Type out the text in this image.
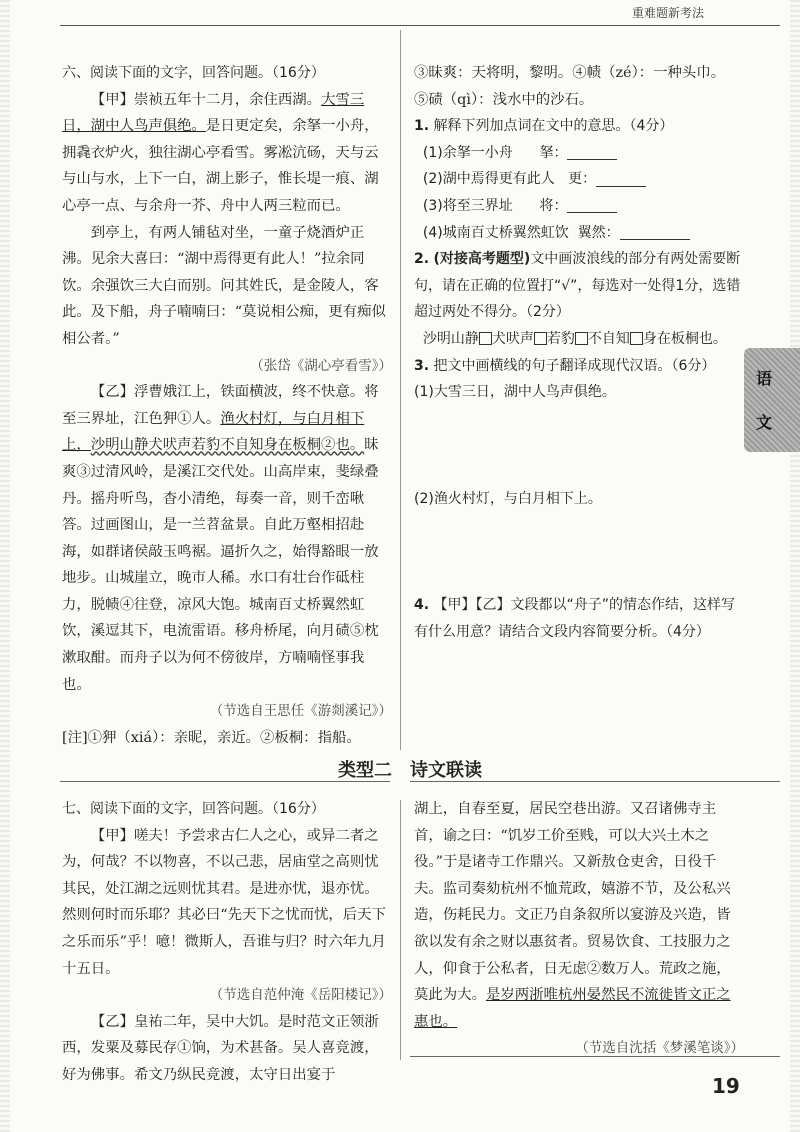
重难题新考法

六、阅读下面的文字，回答问题。（16分）

【甲】崇祯五年十二月，余住西湖。大雪三日，湖中人鸟声俱绝。是日更定矣，余拏一小舟，拥毳衣炉火，独往湖心亭看雪。雾凇沆砀，天与云与山与水，上下一白，湖上影子，惟长堤一痕、湖心亭一点、与余舟一芥、舟中人两三粒而已。

到亭上，有两人铺毡对坐，一童子烧酒炉正沸。见余大喜曰：“湖中焉得更有此人！”拉余同饮。余强饮三大白而别。问其姓氏，是金陵人，客此。及下船，舟子喃喃曰：“莫说相公痴，更有痴似相公者。”

（张岱《湖心亭看雪》）

【乙】浮曹娥江上，铁面横波，终不快意。将至三界址，江色狎①人。渔火村灯，与白月相下上，沙明山静犬吠声若豹不自知身在板桐②也。昧爽③过清风岭，是溪江交代处。山高岸束，斐绿叠丹。摇舟听鸟，杳小清绝，每奏一音，则千峦啾答。过画图山，是一兰苕盆景。自此万壑相招赴海，如群诸侯敲玉鸣裾。逼折久之，始得豁眼一放地步。山城崖立，晚市人稀。水口有壮台作砥柱力，脱帻④往登，凉风大饱。城南百丈桥翼然虹饮，溪逗其下，电流雷语。移舟桥尾，向月碛⑤枕漱取酣。而舟子以为何不傍彼岸，方喃喃怪事我也。

（节选自王思任《游剡溪记》）

[注]①狎（xiá）：亲昵，亲近。②板桐：指船。

③昧爽：天将明，黎明。④帻（zé）：一种头巾。

⑤碛（qì）：浅水中的沙石。

1. 解释下列加点词在文中的意思。（4分）

(1)余拏一小舟 拏：

(2)湖中焉得更有此人 更：

(3)将至三界址 将：

(4)城南百丈桥翼然虹饮 翼然：

2. (对接高考题型)文中画波浪线的部分有两处需要断句，请在正确的位置打“√”，每选对一处得1分，选错超过两处不得分。（2分）

沙明山静 犬吠声 若豹 不自知 身在板桐也。

3. 把文中画横线的句子翻译成现代汉语。（6分）

(1)大雪三日，湖中人鸟声俱绝。

(2)渔火村灯，与白月相下上。

4. 【甲】【乙】文段都以“舟子”的情态作结，这样写有什么用意？请结合文段内容简要分析。（4分）

语
文
类型二　诗文联读

七、阅读下面的文字，回答问题。（16分）

【甲】嗟夫！予尝求古仁人之心，或异二者之为，何哉？不以物喜，不以己悲，居庙堂之高则忧其民，处江湖之远则忧其君。是进亦忧，退亦忧。然则何时而乐耶？其必曰“先天下之忧而忧，后天下之乐而乐”乎！噫！微斯人，吾谁与归？时六年九月十五日。

（节选自范仲淹《岳阳楼记》）

【乙】皇祐二年，吴中大饥。是时范文正领浙西，发粟及募民存①饷，为术甚备。吴人喜竞渡，好为佛事。希文乃纵民竞渡，太守日出宴于

湖上，自春至夏，居民空巷出游。又召诸佛寺主首，谕之曰：“饥岁工价至贱，可以大兴土木之役。”于是诸寺工作鼎兴。又新敖仓吏舍，日役千夫。监司奏劾杭州不恤荒政，嬉游不节，及公私兴造，伤耗民力。文正乃自条叙所以宴游及兴造，皆欲以发有余之财以惠贫者。贸易饮食、工技服力之人，仰食于公私者，日无虑②数万人。荒政之施，莫此为大。是岁两浙唯杭州晏然民不流徙皆文正之惠也。

（节选自沈括《梦溪笔谈》）

19
